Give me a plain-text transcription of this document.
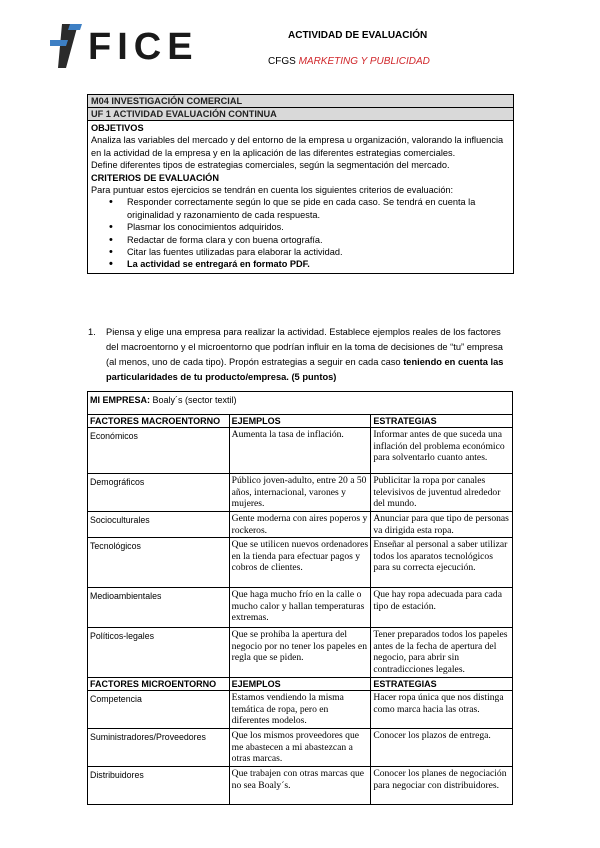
FICE	ACTIVIDAD DE EVALUACIÓN
CFGS MARKETING Y PUBLICIDAD
M04 INVESTIGACIÓN COMERCIAL
UF 1 ACTIVIDAD EVALUACIÓN CONTINUA
OBJETIVOS
Analiza las variables del mercado y del entorno de la empresa u organización, valorando la influencia en la actividad de la empresa y en la aplicación de las diferentes estrategias comerciales.
Define diferentes tipos de estrategias comerciales, según la segmentación del mercado.
CRITERIOS DE EVALUACIÓN
Para puntuar estos ejercicios se tendrán en cuenta los siguientes criterios de evaluación:
• Responder correctamente según lo que se pide en cada caso. Se tendrá en cuenta la originalidad y razonamiento de cada respuesta.
• Plasmar los conocimientos adquiridos.
• Redactar de forma clara y con buena ortografía.
• Citar las fuentes utilizadas para elaborar la actividad.
• La actividad se entregará en formato PDF.
1. Piensa y elige una empresa para realizar la actividad. Establece ejemplos reales de los factores del macroentorno y el microentorno que podrían influir en la toma de decisiones de “tu” empresa (al menos, uno de cada tipo). Propón estrategias a seguir en cada caso teniendo en cuenta las particularidades de tu producto/empresa. (5 puntos)
MI EMPRESA: Boaly´s (sector textil)		
FACTORES MACROENTORNO	EJEMPLOS	ESTRATEGIAS
Económicos	Aumenta la tasa de inflación.	Informar antes de que suceda una inflación del problema económico para solventarlo cuanto antes.
Demográficos	Público joven-adulto, entre 20 a 50 años, internacional, varones y mujeres.	Publicitar la ropa por canales televisivos de juventud alrededor del mundo.
Socioculturales	Gente moderna con aires poperos y rockeros.	Anunciar para que tipo de personas va dirigida esta ropa.
Tecnológicos	Que se utilicen nuevos ordenadores en la tienda para efectuar pagos y cobros de clientes.	Enseñar al personal a saber utilizar todos los aparatos tecnológicos para su correcta ejecución.
Medioambientales	Que haga mucho frío en la calle o mucho calor y hallan temperaturas extremas.	Que hay ropa adecuada para cada tipo de estación.
Políticos-legales	Que se prohíba la apertura del negocio por no tener los papeles en regla que se piden.	Tener preparados todos los papeles antes de la fecha de apertura del negocio, para abrir sin contradicciones legales.
FACTORES MICROENTORNO	EJEMPLOS	ESTRATEGIAS
Competencia	Estamos vendiendo la misma temática de ropa, pero en diferentes modelos.	Hacer ropa única que nos distinga como marca hacia las otras.
Suministradores/Proveedores	Que los mismos proveedores que me abastecen a mi abastezcan a otras marcas.	Conocer los plazos de entrega.
Distribuidores	Que trabajen con otras marcas que no sea Boaly´s.	Conocer los planes de negociación para negociar con distribuidores.
